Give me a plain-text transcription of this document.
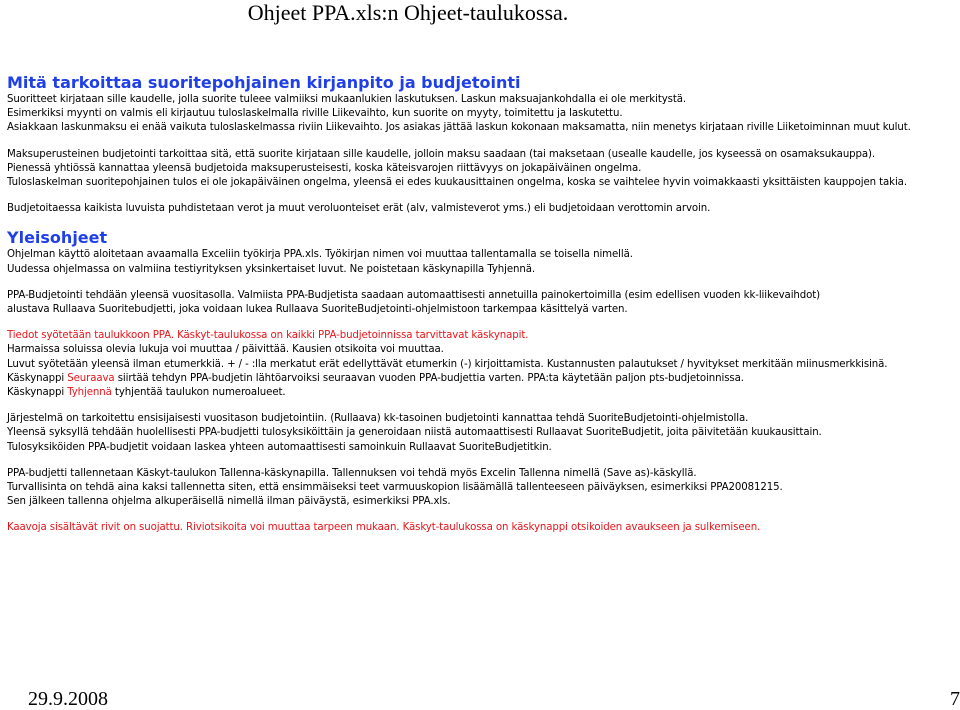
Ohjeet PPA.xls:n Ohjeet-taulukossa.
Mitä tarkoittaa suoritepohjainen kirjanpito ja budjetointi
Suoritteet kirjataan sille kaudelle, jolla suorite tuleee valmiiksi mukaanlukien laskutuksen. Laskun maksuajankohdalla ei ole merkitystä.
Esimerkiksi myynti on valmis eli kirjautuu tuloslaskelmalla riville Liikevaihto, kun suorite on myyty, toimitettu ja laskutettu.
Asiakkaan laskunmaksu ei enää vaikuta tuloslaskelmassa riviin Liikevaihto. Jos asiakas jättää laskun kokonaan maksamatta, niin menetys kirjataan riville Liiketoiminnan muut kulut.
Maksuperusteinen budjetointi tarkoittaa sitä, että suorite kirjataan sille kaudelle, jolloin maksu saadaan (tai maksetaan (usealle kaudelle, jos kyseessä on osamaksukauppa).
Pienessä yhtiössä kannattaa yleensä budjetoida maksuperusteisesti, koska käteisvarojen riittävyys on jokapäiväinen ongelma.
Tuloslaskelman suoritepohjainen tulos ei ole jokapäiväinen ongelma, yleensä ei edes kuukausittainen ongelma, koska se vaihtelee hyvin voimakkaasti yksittäisten kauppojen takia.
Budjetoitaessa kaikista luvuista puhdistetaan verot ja muut veroluonteiset erät (alv, valmisteverot yms.) eli budjetoidaan verottomin arvoin.
Yleisohjeet
Ohjelman käyttö aloitetaan avaamalla Exceliin työkirja PPA.xls. Työkirjan nimen voi muuttaa tallentamalla se toisella nimellä.
Uudessa ohjelmassa on valmiina testiyrityksen yksinkertaiset luvut. Ne poistetaan käskynapilla Tyhjennä.
PPA-Budjetointi tehdään yleensä vuositasolla. Valmiista PPA-Budjetista saadaan automaattisesti annetuilla painokertoimilla (esim edellisen vuoden kk-liikevaihdot)
alustava Rullaava Suoritebudjetti, joka voidaan lukea Rullaava SuoriteBudjetointi-ohjelmistoon tarkempaa käsittelyä varten.
Tiedot syötetään taulukkoon PPA. Käskyt-taulukossa on kaikki PPA-budjetoinnissa tarvittavat käskynapit.
Harmaissa soluissa olevia lukuja voi muuttaa / päivittää. Kausien otsikoita voi muuttaa.
Luvut syötetään yleensä ilman etumerkkiä. + / - :lla merkatut erät edellyttävät etumerkin (-) kirjoittamista. Kustannusten palautukset / hyvitykset merkitään miinusmerkkisinä.
Käskynappi Seuraava siirtää tehdyn PPA-budjetin lähtöarvoiksi seuraavan vuoden PPA-budjettia varten. PPA:ta käytetään paljon pts-budjetoinnissa.
Käskynappi Tyhjennä tyhjentää taulukon numeroalueet.
Järjestelmä on tarkoitettu ensisijaisesti vuositason budjetointiin. (Rullaava) kk-tasoinen budjetointi kannattaa tehdä SuoriteBudjetointi-ohjelmistolla.
Yleensä syksyllä tehdään huolellisesti PPA-budjetti tulosyksiköittäin ja generoidaan niistä automaattisesti Rullaavat SuoriteBudjetit, joita päivitetään kuukausittain.
Tulosyksiköiden PPA-budjetit voidaan laskea yhteen automaattisesti samoinkuin Rullaavat SuoriteBudjetitkin.
PPA-budjetti tallennetaan Käskyt-taulukon Tallenna-käskynapilla. Tallennuksen voi tehdä myös Excelin Tallenna nimellä (Save as)-käskyllä.
Turvallisinta on tehdä aina kaksi tallennetta siten, että ensimmäiseksi teet varmuuskopion lisäämällä tallenteeseen päiväyksen, esimerkiksi PPA20081215.
Sen jälkeen tallenna ohjelma alkuperäisellä nimellä ilman päiväystä, esimerkiksi PPA.xls.
Kaavoja sisältävät rivit on suojattu. Riviotsikoita voi muuttaa tarpeen mukaan. Käskyt-taulukossa on käskynappi otsikoiden avaukseen ja sulkemiseen.
29.9.2008	7
